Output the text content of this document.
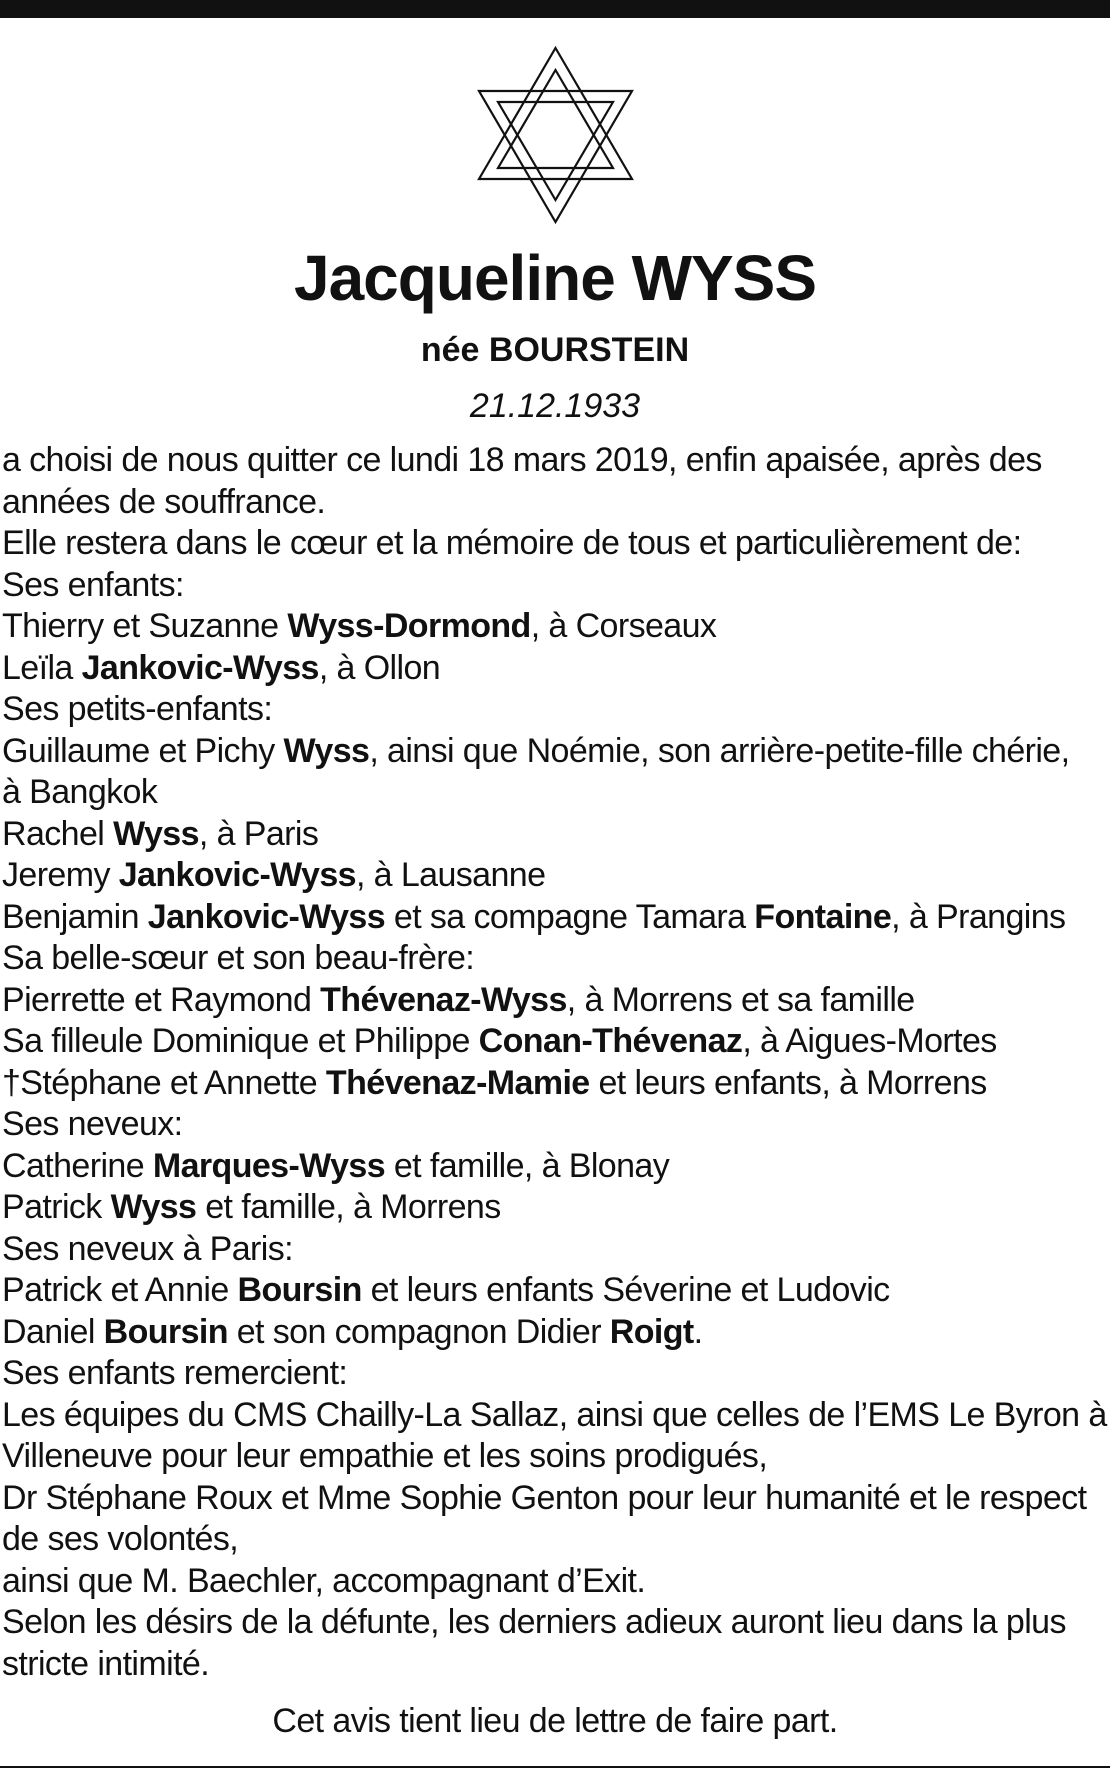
Jacqueline WYSS
née BOURSTEIN
21.12.1933
a choisi de nous quitter ce lundi 18 mars 2019, enfin apaisée, après des
années de souffrance.
Elle restera dans le cœur et la mémoire de tous et particulièrement de:
Ses enfants:
Thierry et Suzanne Wyss-Dormond, à Corseaux
Leïla Jankovic-Wyss, à Ollon
Ses petits-enfants:
Guillaume et Pichy Wyss, ainsi que Noémie, son arrière-petite-fille chérie,
à Bangkok
Rachel Wyss, à Paris
Jeremy Jankovic-Wyss, à Lausanne
Benjamin Jankovic-Wyss et sa compagne Tamara Fontaine, à Prangins
Sa belle-sœur et son beau-frère:
Pierrette et Raymond Thévenaz-Wyss, à Morrens et sa famille
Sa filleule Dominique et Philippe Conan-Thévenaz, à Aigues-Mortes
†Stéphane et Annette Thévenaz-Mamie et leurs enfants, à Morrens
Ses neveux:
Catherine Marques-Wyss et famille, à Blonay
Patrick Wyss et famille, à Morrens
Ses neveux à Paris:
Patrick et Annie Boursin et leurs enfants Séverine et Ludovic
Daniel Boursin et son compagnon Didier Roigt.
Ses enfants remercient:
Les équipes du CMS Chailly-La Sallaz, ainsi que celles de l’EMS Le Byron à
Villeneuve pour leur empathie et les soins prodigués,
Dr Stéphane Roux et Mme Sophie Genton pour leur humanité et le respect
de ses volontés,
ainsi que M. Baechler, accompagnant d’Exit.
Selon les désirs de la défunte, les derniers adieux auront lieu dans la plus
stricte intimité.
Cet avis tient lieu de lettre de faire part.
